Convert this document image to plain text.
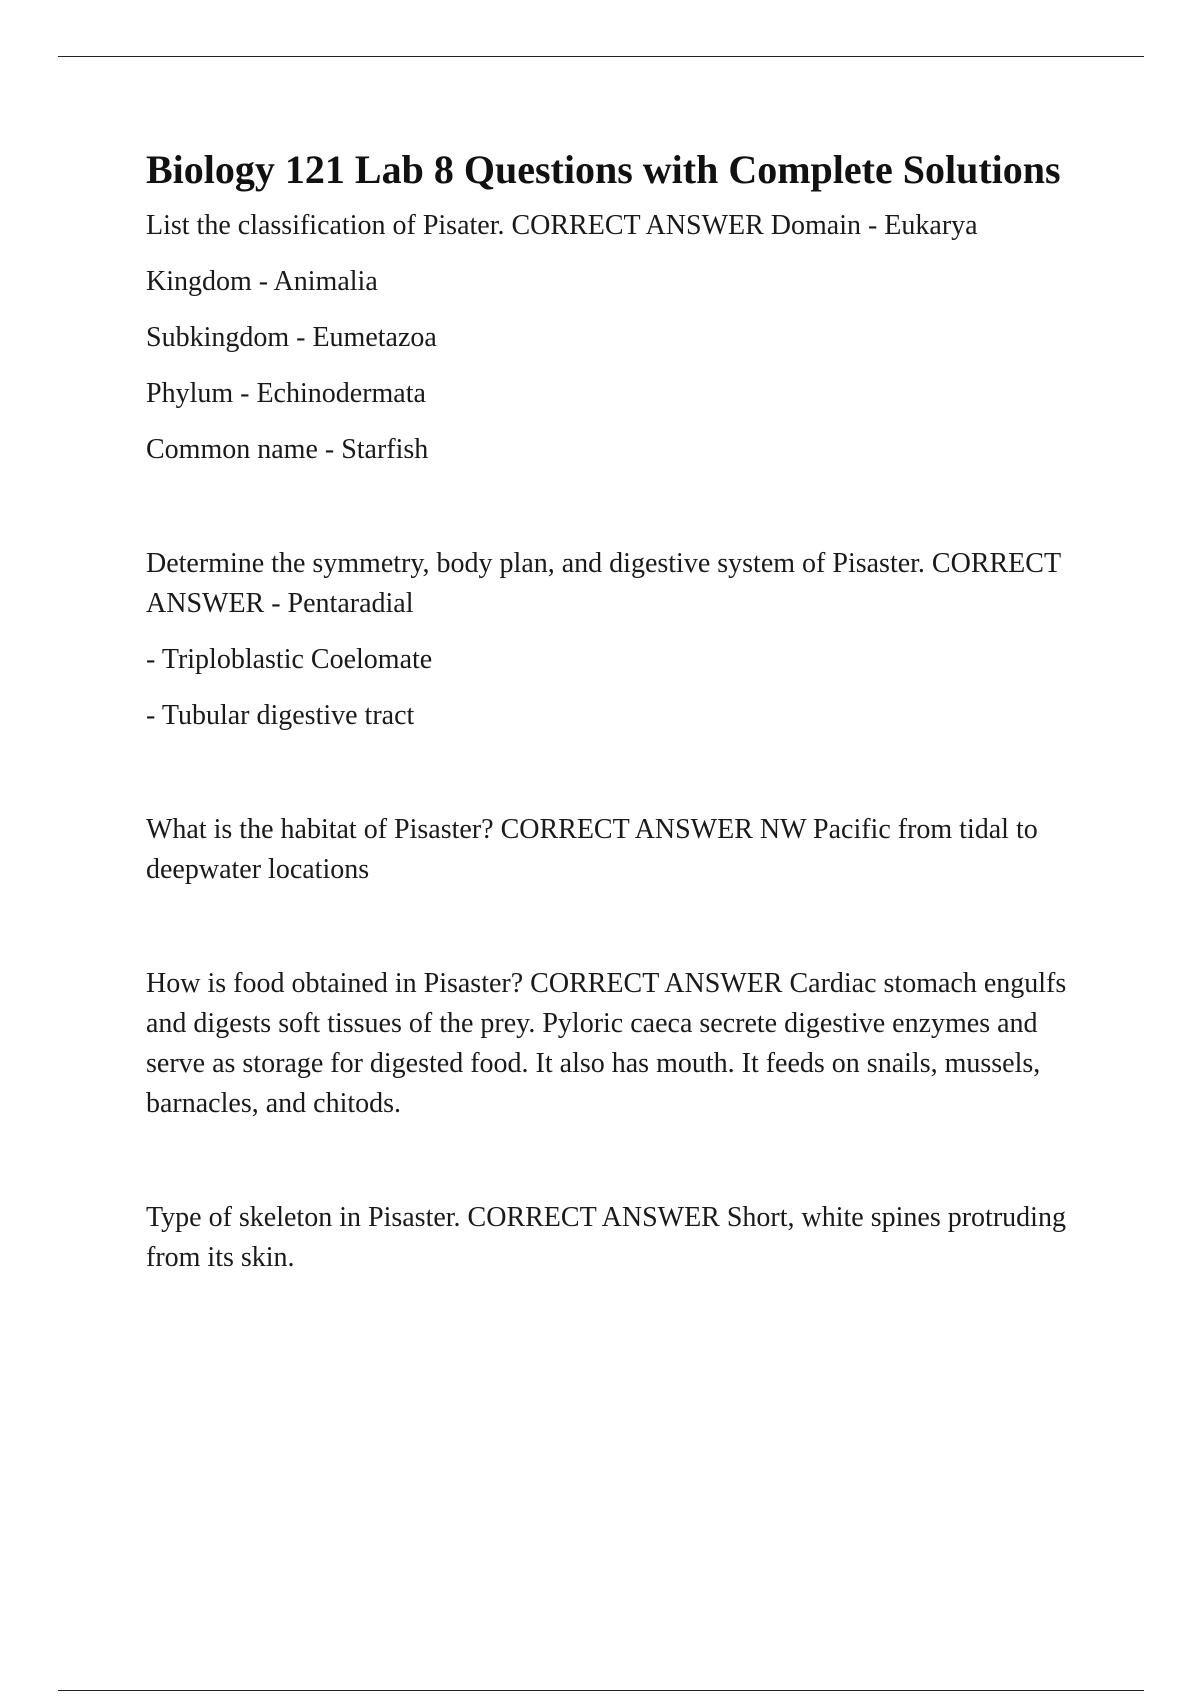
Biology 121 Lab 8 Questions with Complete Solutions

List the classification of Pisater. CORRECT ANSWER Domain - Eukarya

Kingdom - Animalia

Subkingdom - Eumetazoa

Phylum - Echinodermata

Common name - Starfish

Determine the symmetry, body plan, and digestive system of Pisaster. CORRECT ANSWER - Pentaradial

- Triploblastic Coelomate

- Tubular digestive tract

What is the habitat of Pisaster? CORRECT ANSWER NW Pacific from tidal to deepwater locations

How is food obtained in Pisaster? CORRECT ANSWER Cardiac stomach engulfs and digests soft tissues of the prey. Pyloric caeca secrete digestive enzymes and serve as storage for digested food. It also has mouth. It feeds on snails, mussels, barnacles, and chitods.

Type of skeleton in Pisaster. CORRECT ANSWER Short, white spines protruding from its skin.
